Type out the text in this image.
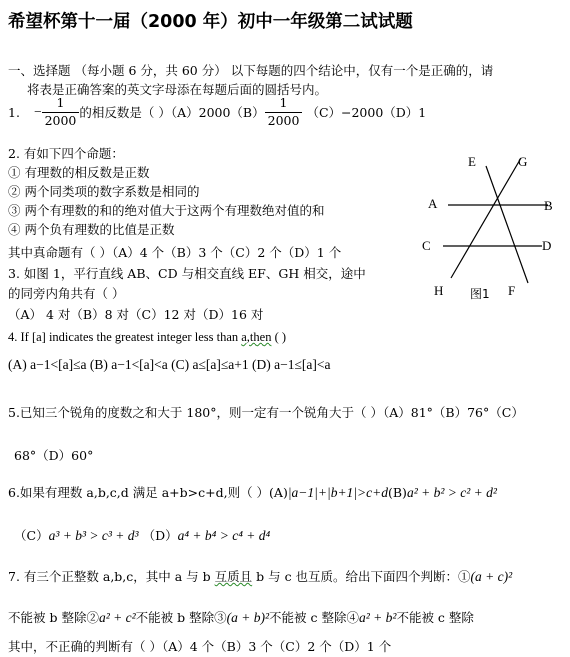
希望杯第十一届（2000 年）初中一年级第二试试题
一、选择题 （每小题 6 分，共 60 分） 以下每题的四个结论中，仅有一个是正确的，请
将表是正确答案的英文字母添在每题后面的圆括号内。
1. − $\frac{1}{2000}$ 的相反数是（ ）$(A)2000(B) \frac{1}{2000} (C)-2000(D)1$
2. 有如下四个命题：
① 有理数的相反数是正数
② 两个同类项的数字系数是相同的
③ 两个有理数的和的绝对值大于这两个有理数绝对值的和
④ 两个负有理数的比值是正数
其中真命题有（ ）（A）4 个（B）3 个（C）2 个（D）1 个
3. 如图 1，平行直线 AB、CD 与相交直线 EF、GH 相交，途中
的同旁内角共有（ ）
（A） 4 对（B）8 对（C）12 对（D）16 对
E	G
A	B
C	D
H 图1 F
4. If [a] indicates the greatest integer less than a,then ( )
(A) a−1<[a]≤a (B) a−1<[a]<a (C) a≤[a]≤a+1 (D) a−1≤[a]<a
5.已知三个锐角的度数之和大于 180°，则一定有一个锐角大于（ ）（A）81°（B）76°（C）
68°（D）60°
6.如果有理数 a,b,c,d 满足 a+b>c+d,则（ ）(A)|a−1|+|b+1|>c+d(B)a² + b² > c² + d²
（C）a³ + b³ > c³ + d³ （D）a⁴ + b⁴ > c⁴ + d⁴
7. 有三个正整数 a,b,c，其中 a 与 b 互质且 b 与 c 也互质。给出下面四个判断：①(a + c)²
不能被 b 整除②a² + c²不能被 b 整除③(a + b)²不能被 c 整除④a² + b²不能被 c 整除
其中，不正确的判断有（ ）（A）4 个（B）3 个（C）2 个（D）1 个
